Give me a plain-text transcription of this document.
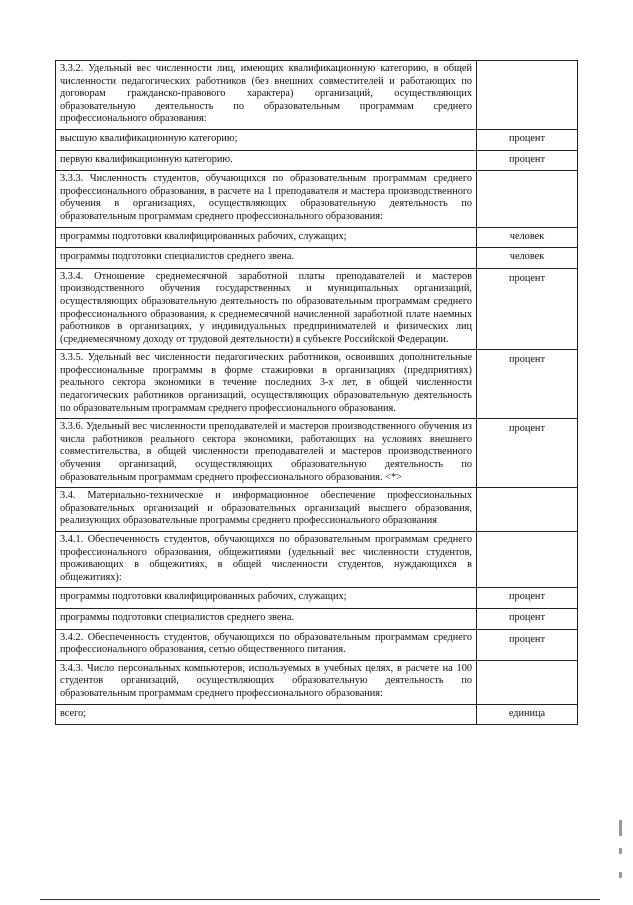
3.3.2. Удельный вес численности лиц, имеющих квалификационную категорию, в общей численности педагогических работников (без внешних совместителей и работающих по договорам гражданско-правового характера) организаций, осуществляющих образовательную деятельность по образовательным программам среднего профессионального образования:	
высшую квалификационную категорию;	процент
первую квалификационную категорию.	процент
3.3.3. Численность студентов, обучающихся по образовательным программам среднего профессионального образования, в расчете на 1 преподавателя и мастера производственного обучения в организациях, осуществляющих образовательную деятельность по образовательным программам среднего профессионального образования:	
программы подготовки квалифицированных рабочих, служащих;	человек
программы подготовки специалистов среднего звена.	человек
3.3.4. Отношение среднемесячной заработной платы преподавателей и мастеров производственного обучения государственных и муниципальных организаций, осуществляющих образовательную деятельность по образовательным программам среднего профессионального образования, к среднемесячной начисленной заработной плате наемных работников в организациях, у индивидуальных предпринимателей и физических лиц (среднемесячному доходу от трудовой деятельности) в субъекте Российской Федерации.	процент
3.3.5. Удельный вес численности педагогических работников, освоивших дополнительные профессиональные программы в форме стажировки в организациях (предприятиях) реального сектора экономики в течение последних 3-х лет, в общей численности педагогических работников организаций, осуществляющих образовательную деятельность по образовательным программам среднего профессионального образования.	процент
3.3.6. Удельный вес численности преподавателей и мастеров производственного обучения из числа работников реального сектора экономики, работающих на условиях внешнего совместительства, в общей численности преподавателей и мастеров производственного обучения организаций, осуществляющих образовательную деятельность по образовательным программам среднего профессионального образования. <*>	процент
3.4. Материально-техническое и информационное обеспечение профессиональных образовательных организаций и образовательных организаций высшего образования, реализующих образовательные программы среднего профессионального образования	
3.4.1. Обеспеченность студентов, обучающихся по образовательным программам среднего профессионального образования, общежитиями (удельный вес численности студентов, проживающих в общежитиях, в общей численности студентов, нуждающихся в общежитиях):	
программы подготовки квалифицированных рабочих, служащих;	процент
программы подготовки специалистов среднего звена.	процент
3.4.2. Обеспеченность студентов, обучающихся по образовательным программам среднего профессионального образования, сетью общественного питания.	процент
3.4.3. Число персональных компьютеров, используемых в учебных целях, в расчете на 100 студентов организаций, осуществляющих образовательную деятельность по образовательным программам среднего профессионального образования:	
всего;	единица
